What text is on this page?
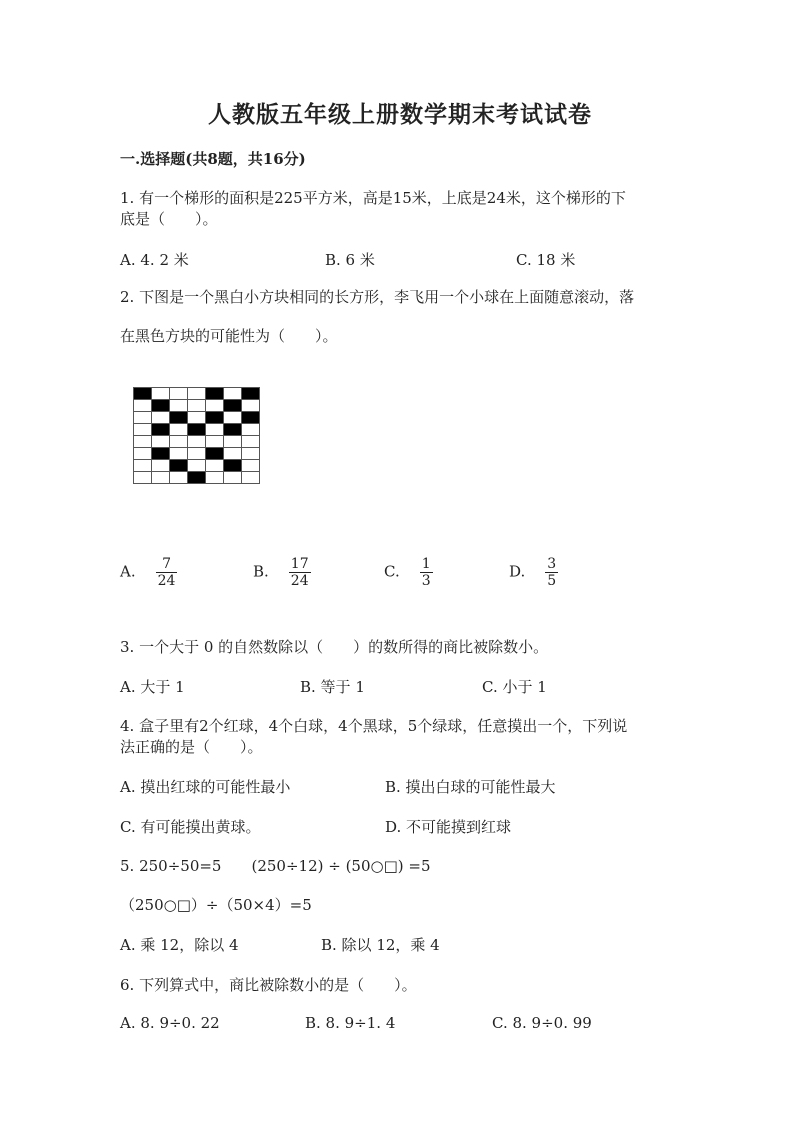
人教版五年级上册数学期末考试试卷
一.选择题(共8题，共16分)
1. 有一个梯形的面积是225平方米，高是15米，上底是24米，这个梯形的下
底是（　　）。
A. 4. 2 米	B. 6 米	C. 18 米
2. 下图是一个黑白小方块相同的长方形，李飞用一个小球在上面随意滚动，落
在黑色方块的可能性为（　　）。

A. $\frac{7}{24}$	B. $\frac{17}{24}$	C. $\frac{1}{3}$	D. $\frac{3}{5}$
3. 一个大于 0 的自然数除以（　　）的数所得的商比被除数小。
A. 大于 1	B. 等于 1	C. 小于 1
4. 盒子里有2个红球，4个白球，4个黑球，5个绿球，任意摸出一个，下列说
法正确的是（　　）。
A. 摸出红球的可能性最小	B. 摸出白球的可能性最大
C. 有可能摸出黄球。	D. 不可能摸到红球
5. 250÷50=5　　(250÷12) ÷ (50○□) =5
（250○□）÷（50×4）=5
A. 乘 12，除以 4	B. 除以 12，乘 4
6. 下列算式中，商比被除数小的是（　　）。
A. 8. 9÷0. 22	B. 8. 9÷1. 4	C. 8. 9÷0. 99
